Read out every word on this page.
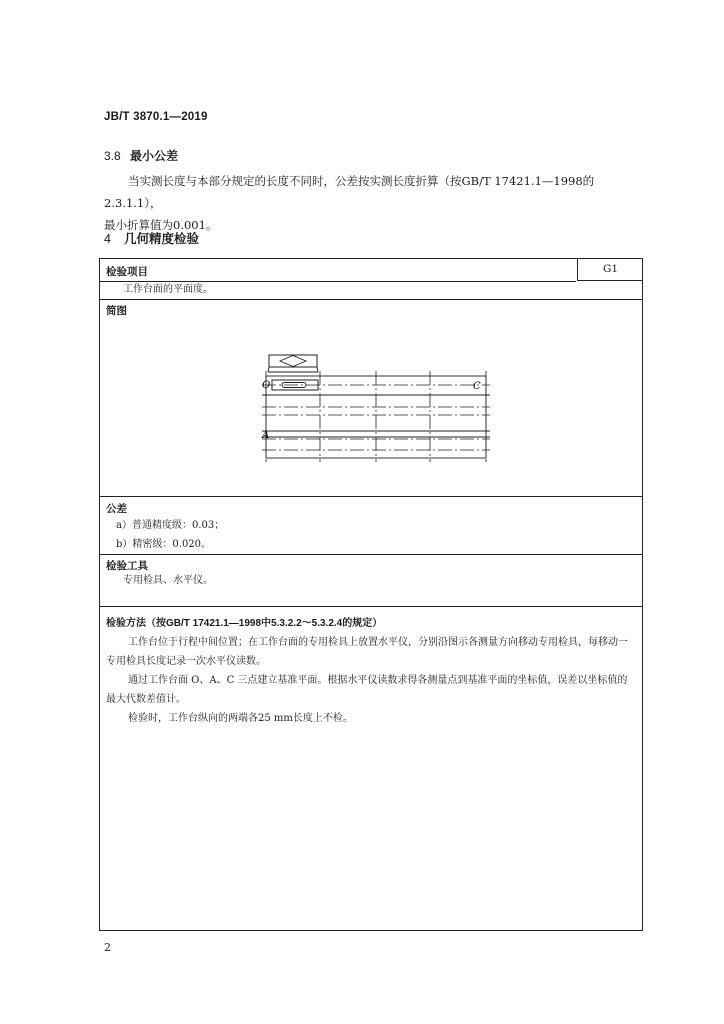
JB/T 3870.1—2019
3.8 最小公差

当实测长度与本部分规定的长度不同时，公差按实测长度折算（按GB/T 17421.1—1998的2.3.1.1），

最小折算值为0.001。

4 几何精度检验
检验项目	G1
工作台面的平面度。
简图
O	C
A
公差
a）普通精度级：0.03；
b）精密级：0.020。
检验工具
专用检具、水平仪。

检验方法（按GB/T 17421.1—1998中5.3.2.2～5.3.2.4的规定）

工作台位于行程中间位置；在工作台面的专用检具上放置水平仪，分别沿图示各测量方向移动专用检具，每移动一专用检具长度记录一次水平仪读数。

通过工作台面 O、A、C 三点建立基准平面。根据水平仪读数求得各测量点到基准平面的坐标值，误差以坐标值的最大代数差值计。

检验时，工作台纵向的两端各25 mm长度上不检。

2
